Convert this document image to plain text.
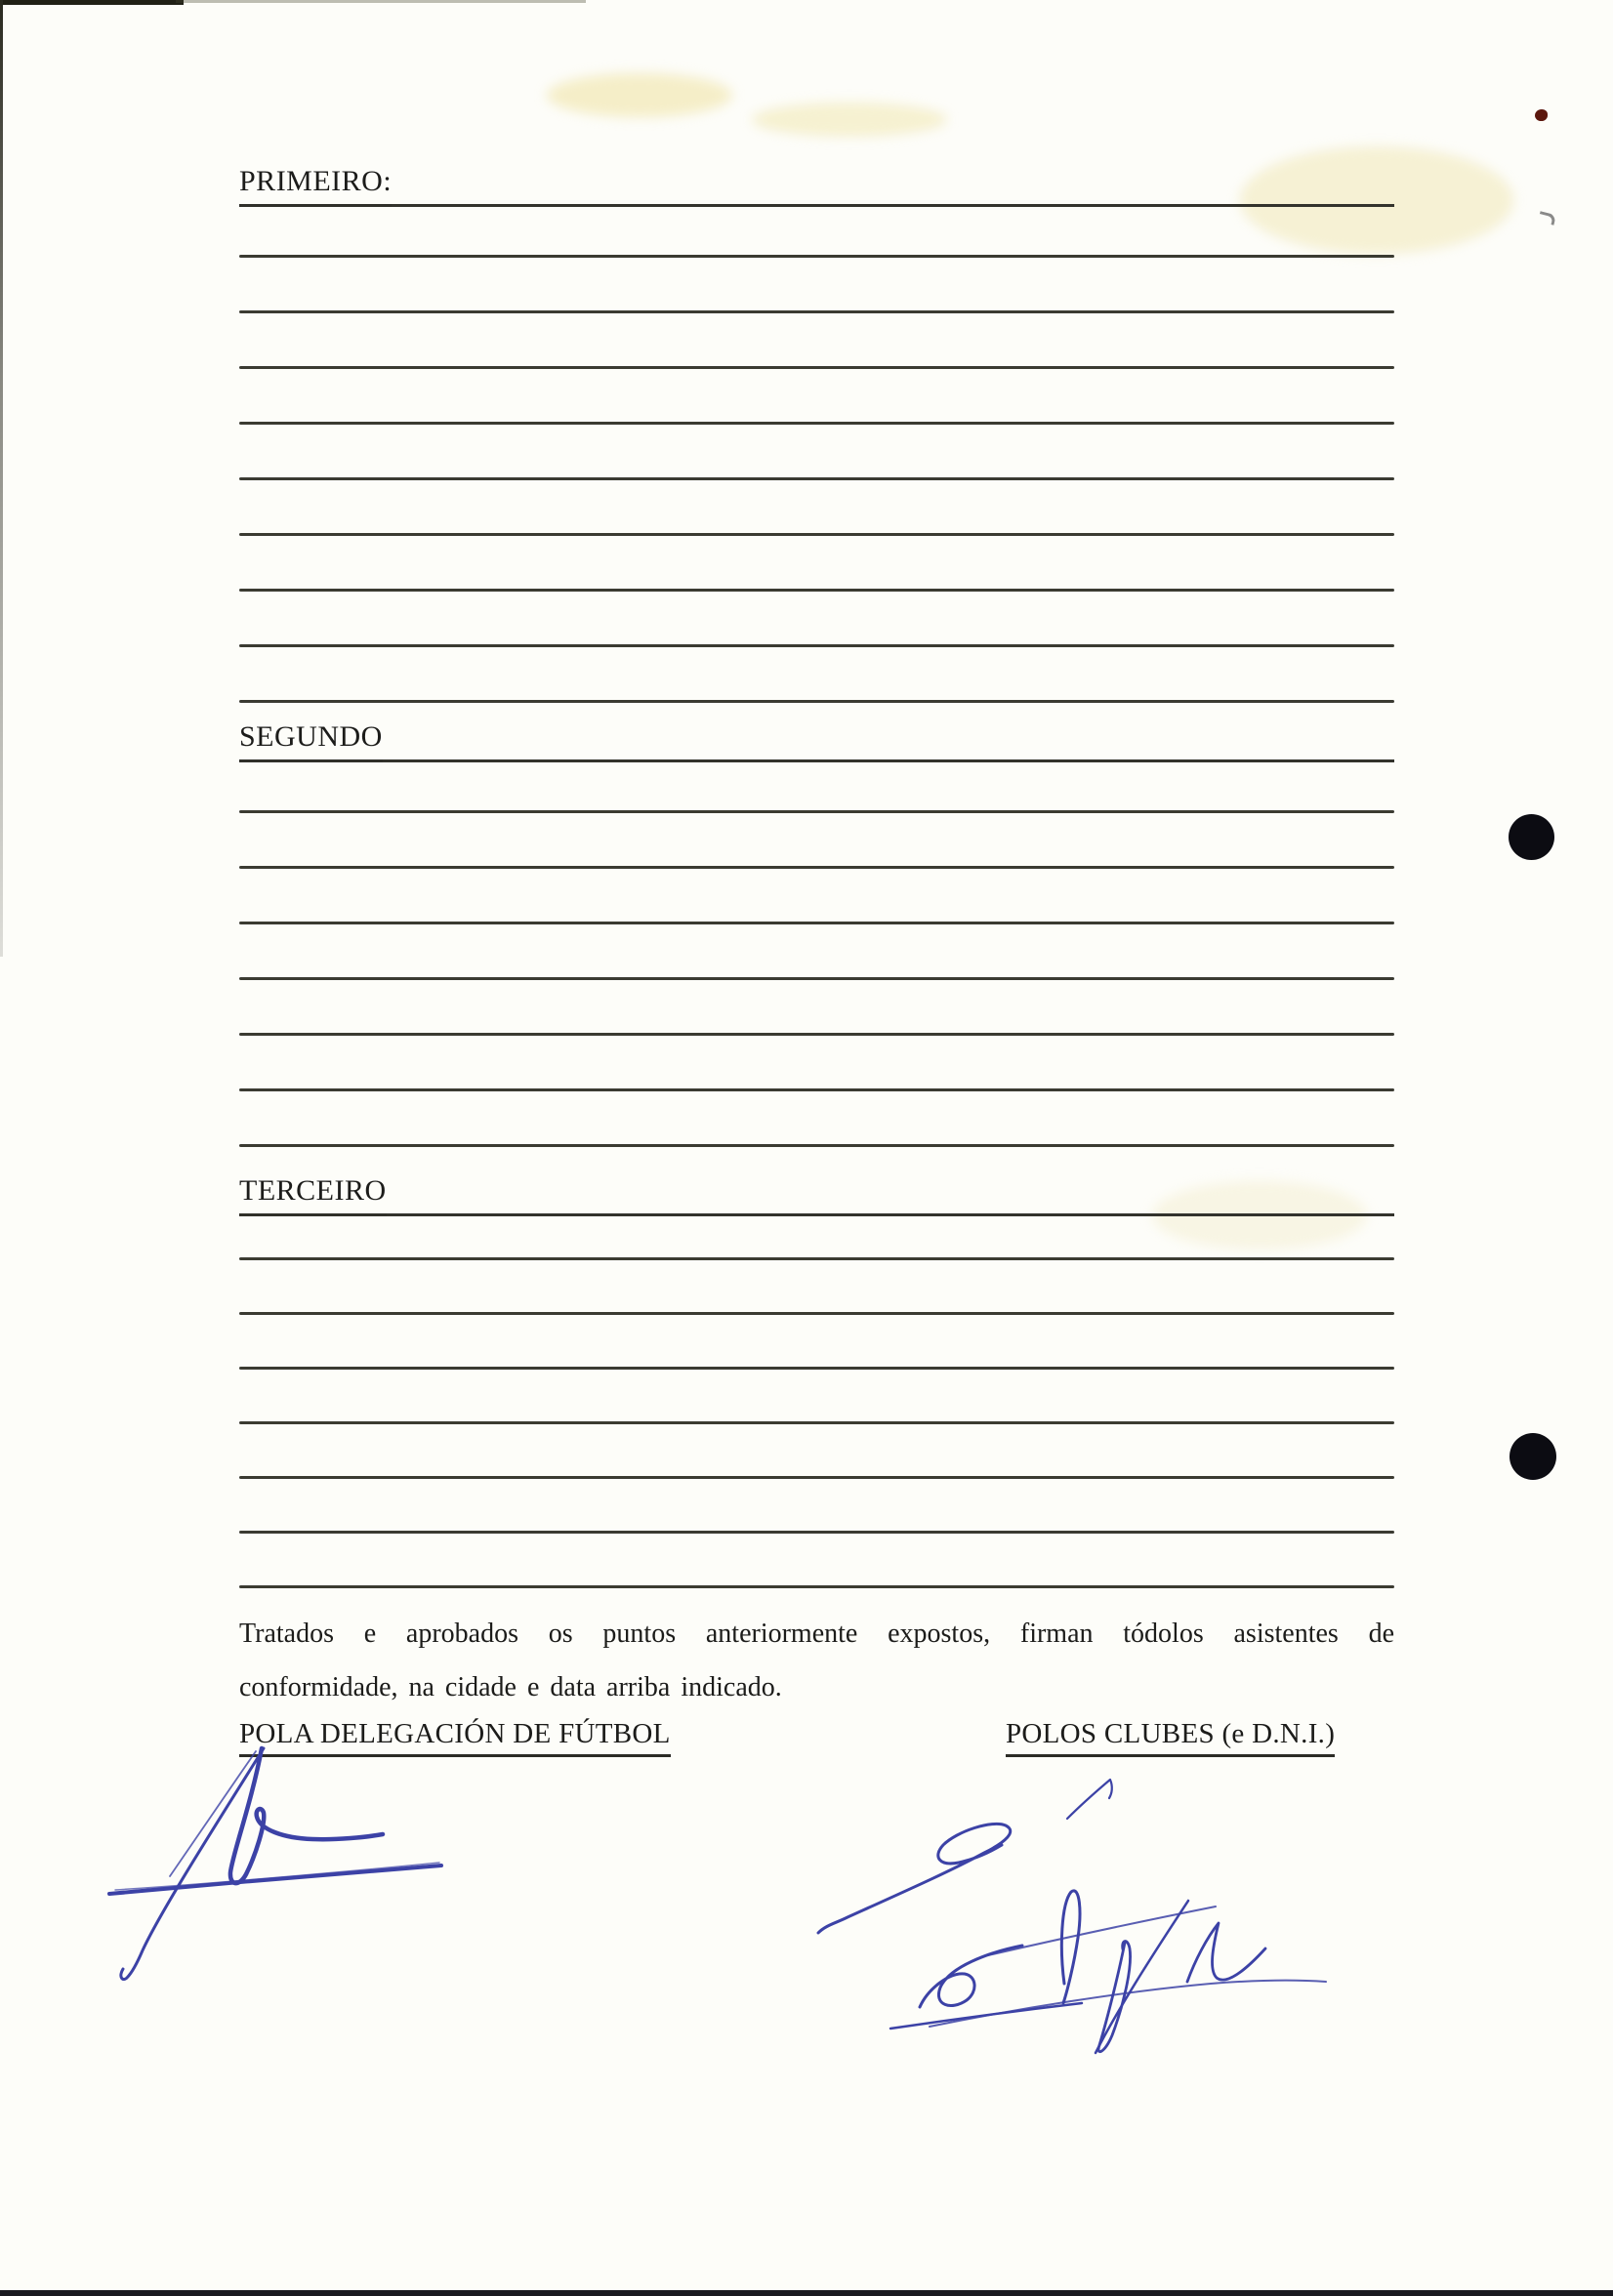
PRIMEIRO:
SEGUNDO
TERCEIRO
Tratados e aprobados os puntos anteriormente expostos, firman tódolos asistentes de
conformidade, na cidade e data arriba indicado.
POLA DELEGACIÓN DE FÚTBOL	POLOS CLUBES (e D.N.I.)
